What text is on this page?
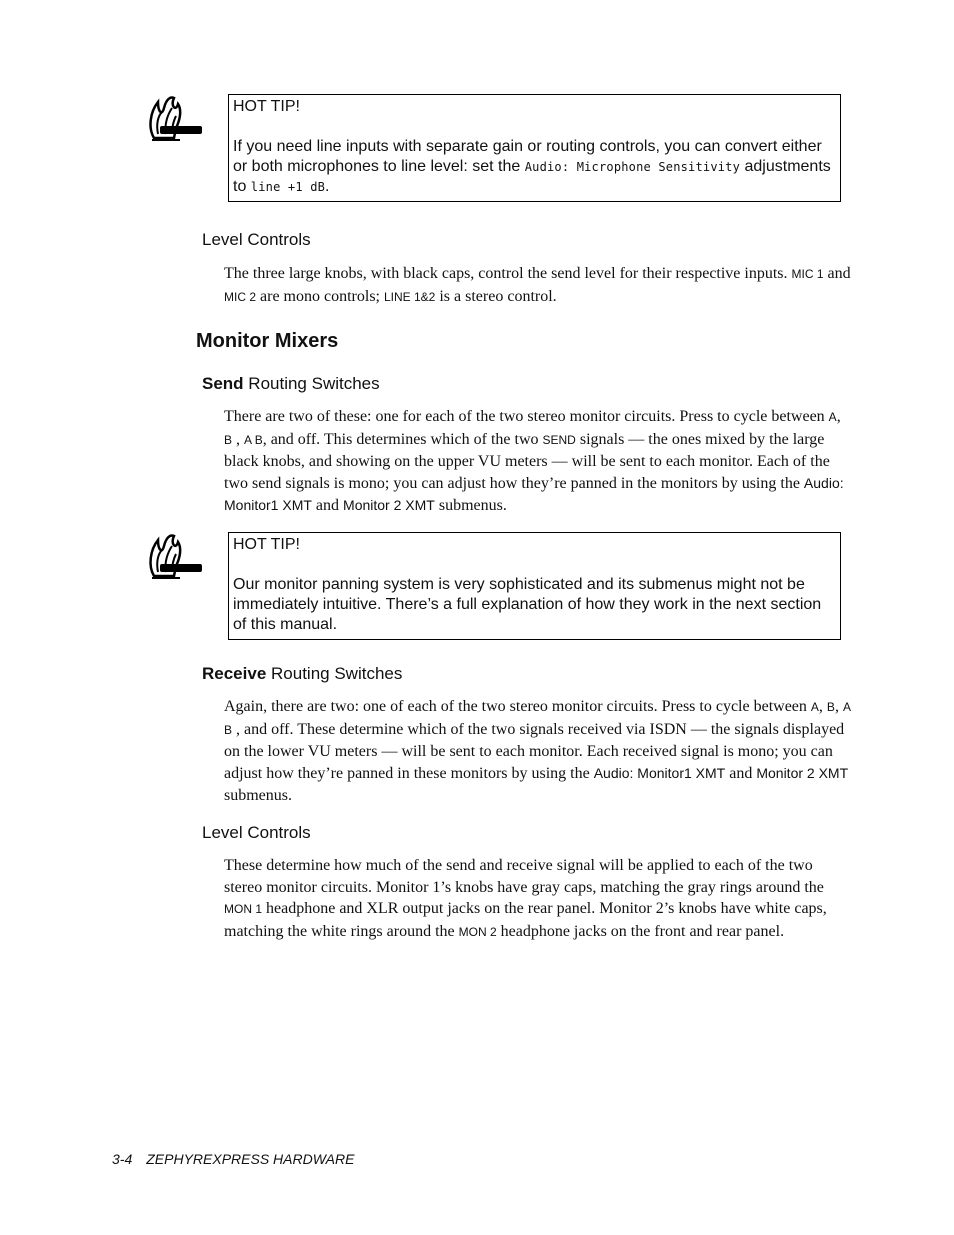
HOT TIP!
If you need line inputs with separate gain or routing controls, you can convert either or both microphones to line level: set the Audio: Microphone Sensitivity adjustments to line +1 dB.
Level Controls
The three large knobs, with black caps, control the send level for their respective inputs. MIC 1 and MIC 2 are mono controls; LINE 1&2 is a stereo control.
Monitor Mixers
Send Routing Switches
There are two of these: one for each of the two stereo monitor circuits. Press to cycle between A, B , A B, and off. This determines which of the two SEND signals — the ones mixed by the large black knobs, and showing on the upper VU meters — will be sent to each monitor. Each of the two send signals is mono; you can adjust how they’re panned in the monitors by using the Audio: Monitor1 XMT and Monitor 2 XMT submenus.
HOT TIP!
Our monitor panning system is very sophisticated and its submenus might not be immediately intuitive. There’s a full explanation of how they work in the next section of this manual.
Receive Routing Switches
Again, there are two: one of each of the two stereo monitor circuits. Press to cycle between A, B, A B , and off. These determine which of the two signals received via ISDN — the signals displayed on the lower VU meters — will be sent to each monitor. Each received signal is mono; you can adjust how they’re panned in these monitors by using the Audio: Monitor1 XMT and Monitor 2 XMT submenus.
Level Controls
These determine how much of the send and receive signal will be applied to each of the two stereo monitor circuits. Monitor 1’s knobs have gray caps, matching the gray rings around the MON 1 headphone and XLR output jacks on the rear panel. Monitor 2’s knobs have white caps, matching the white rings around the MON 2 headphone jacks on the front and rear panel.
3-4 ZEPHYREXPRESS HARDWARE
